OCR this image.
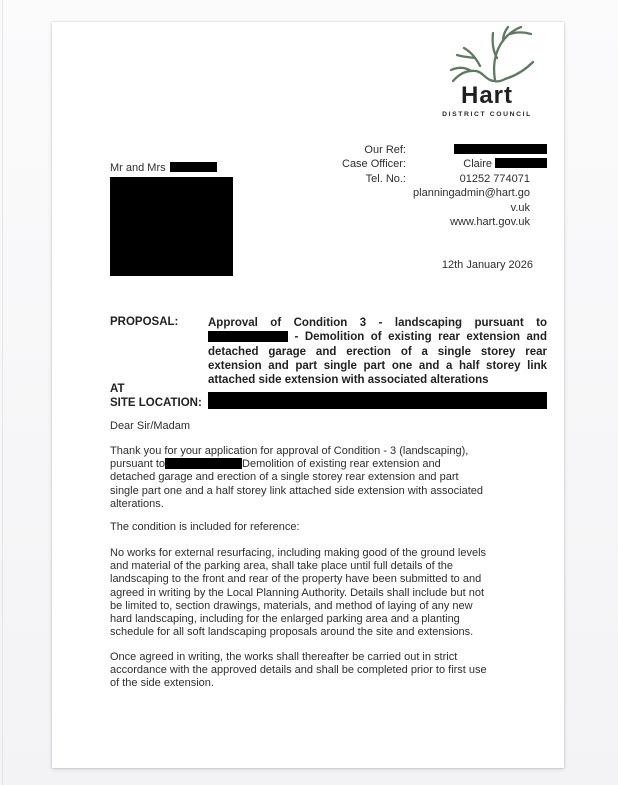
Hart
DISTRICT COUNCIL
Our Ref:
Case Officer:	Claire
Tel. No.:	01252 774071
planningadmin@hart.go
v.uk
www.hart.gov.uk
Mr and Mrs
12th January 2026
PROPOSAL:	Approval of Condition 3 - landscaping pursuant to  - Demolition of existing rear extension and detached garage and erection of a single storey rear extension and part single part one and a half storey link attached side extension with associated alterations
AT
SITE LOCATION:
Dear Sir/Madam
Thank you for your application for approval of Condition - 3 (landscaping), pursuant to	Demolition of existing rear extension and detached garage and erection of a single storey rear extension and part single part one and a half storey link attached side extension with associated alterations.
The condition is included for reference:
No works for external resurfacing, including making good of the ground levels and material of the parking area, shall take place until full details of the landscaping to the front and rear of the property have been submitted to and agreed in writing by the Local Planning Authority. Details shall include but not be limited to, section drawings, materials, and method of laying of any new hard landscaping, including for the enlarged parking area and a planting schedule for all soft landscaping proposals around the site and extensions.
Once agreed in writing, the works shall thereafter be carried out in strict accordance with the approved details and shall be completed prior to first use of the side extension.
